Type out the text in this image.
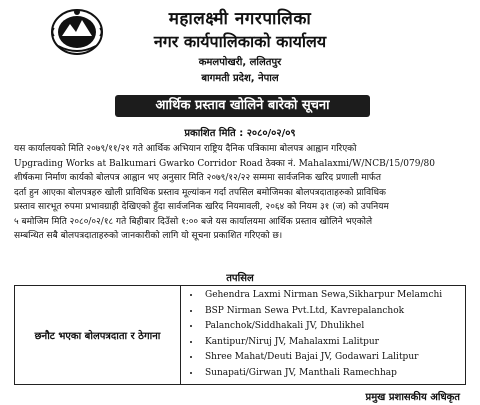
महालक्ष्मी नगरपालिका
नगर कार्यपालिकाको कार्यालय
कमलपोखरी, ललितपुर
बागमती प्रदेश, नेपाल
आर्थिक प्रस्ताव खोलिने बारेको सूचना
प्रकाशित मिति : २०८०/०२/०९
यस कार्यालयको मिति २०७९/११/२१ गते आर्थिक अभियान राष्ट्रिय दैनिक पत्रिकामा बोलपत्र आह्वान गरिएको
Upgrading Works at Balkumari Gwarko Corridor Road ठेक्का नं. Mahalaxmi/W/NCB/15/079/80
शीर्षकमा निर्माण कार्यको बोलपत्र आह्वान भए अनुसार मिति २०७९/१२/२२ सम्ममा सार्वजनिक खरिद प्रणाली मार्फत
दर्ता हुन आएका बोलपत्रहरु खोली प्राविधिक प्रस्ताव मूल्यांकन गर्दा तपसिल बमोजिमका बोलपत्रदाताहरुको प्राविधिक
प्रस्ताव सारभूत रुपमा प्रभावग्राही देखिएको हुँदा सार्वजनिक खरिद नियमावली, २०६४ को नियम ३१ (ज) को उपनियम
५ बमोजिम मिति २०८०/०२/१८ गते बिहीबार दिउँसो १:०० बजे यस कार्यालयमा आर्थिक प्रस्ताव खोलिने भएकोले
सम्बन्धित सबै बोलपत्रदाताहरुको जानकारीको लागि यो सूचना प्रकाशित गरिएको छ।
तपसिल
छनौट भएका बोलपत्रदाता र ठेगाना
• Gehendra Laxmi Nirman Sewa,Sikharpur Melamchi
• BSP Nirman Sewa Pvt.Ltd, Kavrepalanchok
• Palanchok/Siddhakali JV, Dhulikhel
• Kantipur/Niruj JV, Mahalaxmi Lalitpur
• Shree Mahat/Deuti Bajai JV, Godawari Lalitpur
• Sunapati/Girwan JV, Manthali Ramechhap
प्रमुख प्रशासकीय अधिकृत
